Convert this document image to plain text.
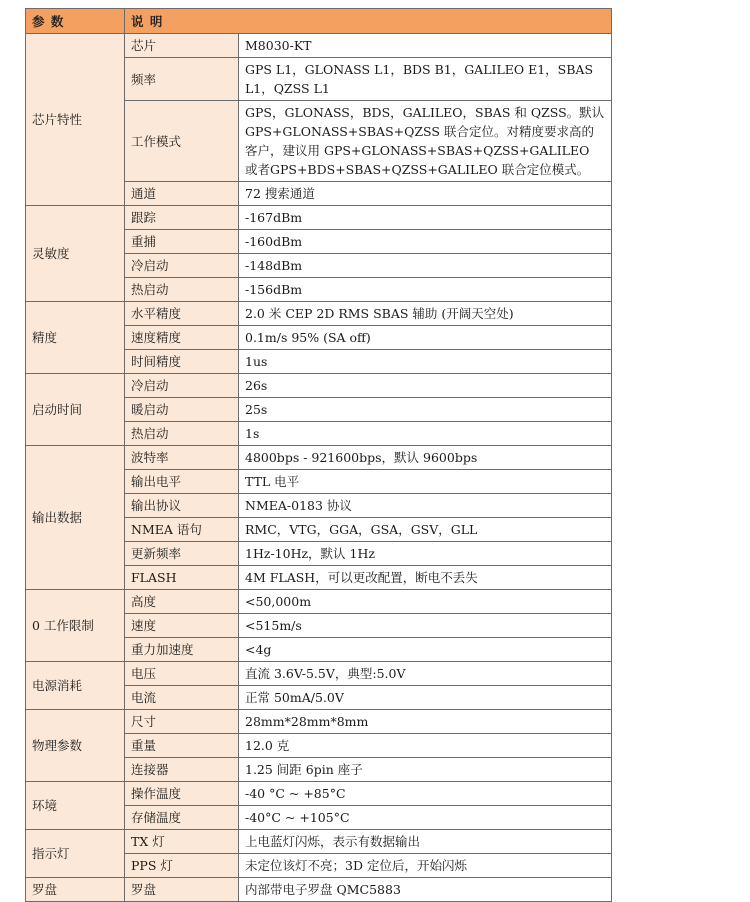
参 数	说 明	
芯片特性	芯片	M8030-KT
	频率	GPS L1，GLONASS L1，BDS B1，GALILEO E1，SBAS L1，QZSS L1
	工作模式	GPS，GLONASS，BDS，GALILEO，SBAS 和 QZSS。默认GPS+GLONASS+SBAS+QZSS 联合定位。对精度要求高的客户，建议用 GPS+GLONASS+SBAS+QZSS+GALILEO 或者GPS+BDS+SBAS+QZSS+GALILEO 联合定位模式。
	通道	72 搜索通道
灵敏度	跟踪	-167dBm
	重捕	-160dBm
	冷启动	-148dBm
	热启动	-156dBm
精度	水平精度	2.0 米 CEP 2D RMS SBAS 辅助 (开阔天空处)
	速度精度	0.1m/s 95% (SA off)
	时间精度	1us
启动时间	冷启动	26s
	暖启动	25s
	热启动	1s
输出数据	波特率	4800bps - 921600bps，默认 9600bps
	输出电平	TTL 电平
	输出协议	NMEA-0183 协议
	NMEA 语句	RMC，VTG，GGA，GSA，GSV，GLL
	更新频率	1Hz-10Hz，默认 1Hz
	FLASH	4M FLASH，可以更改配置，断电不丢失
0 工作限制	高度	<50,000m
	速度	<515m/s
	重力加速度	<4g
电源消耗	电压	直流 3.6V-5.5V，典型:5.0V
	电流	正常 50mA/5.0V
物理参数	尺寸	28mm*28mm*8mm
	重量	12.0 克
	连接器	1.25 间距 6pin 座子
环境	操作温度	-40 °C ~ +85°C
	存储温度	-40°C ~ +105°C
指示灯	TX 灯	上电蓝灯闪烁，表示有数据输出
	PPS 灯	未定位该灯不亮；3D 定位后，开始闪烁
罗盘	罗盘	内部带电子罗盘 QMC5883
